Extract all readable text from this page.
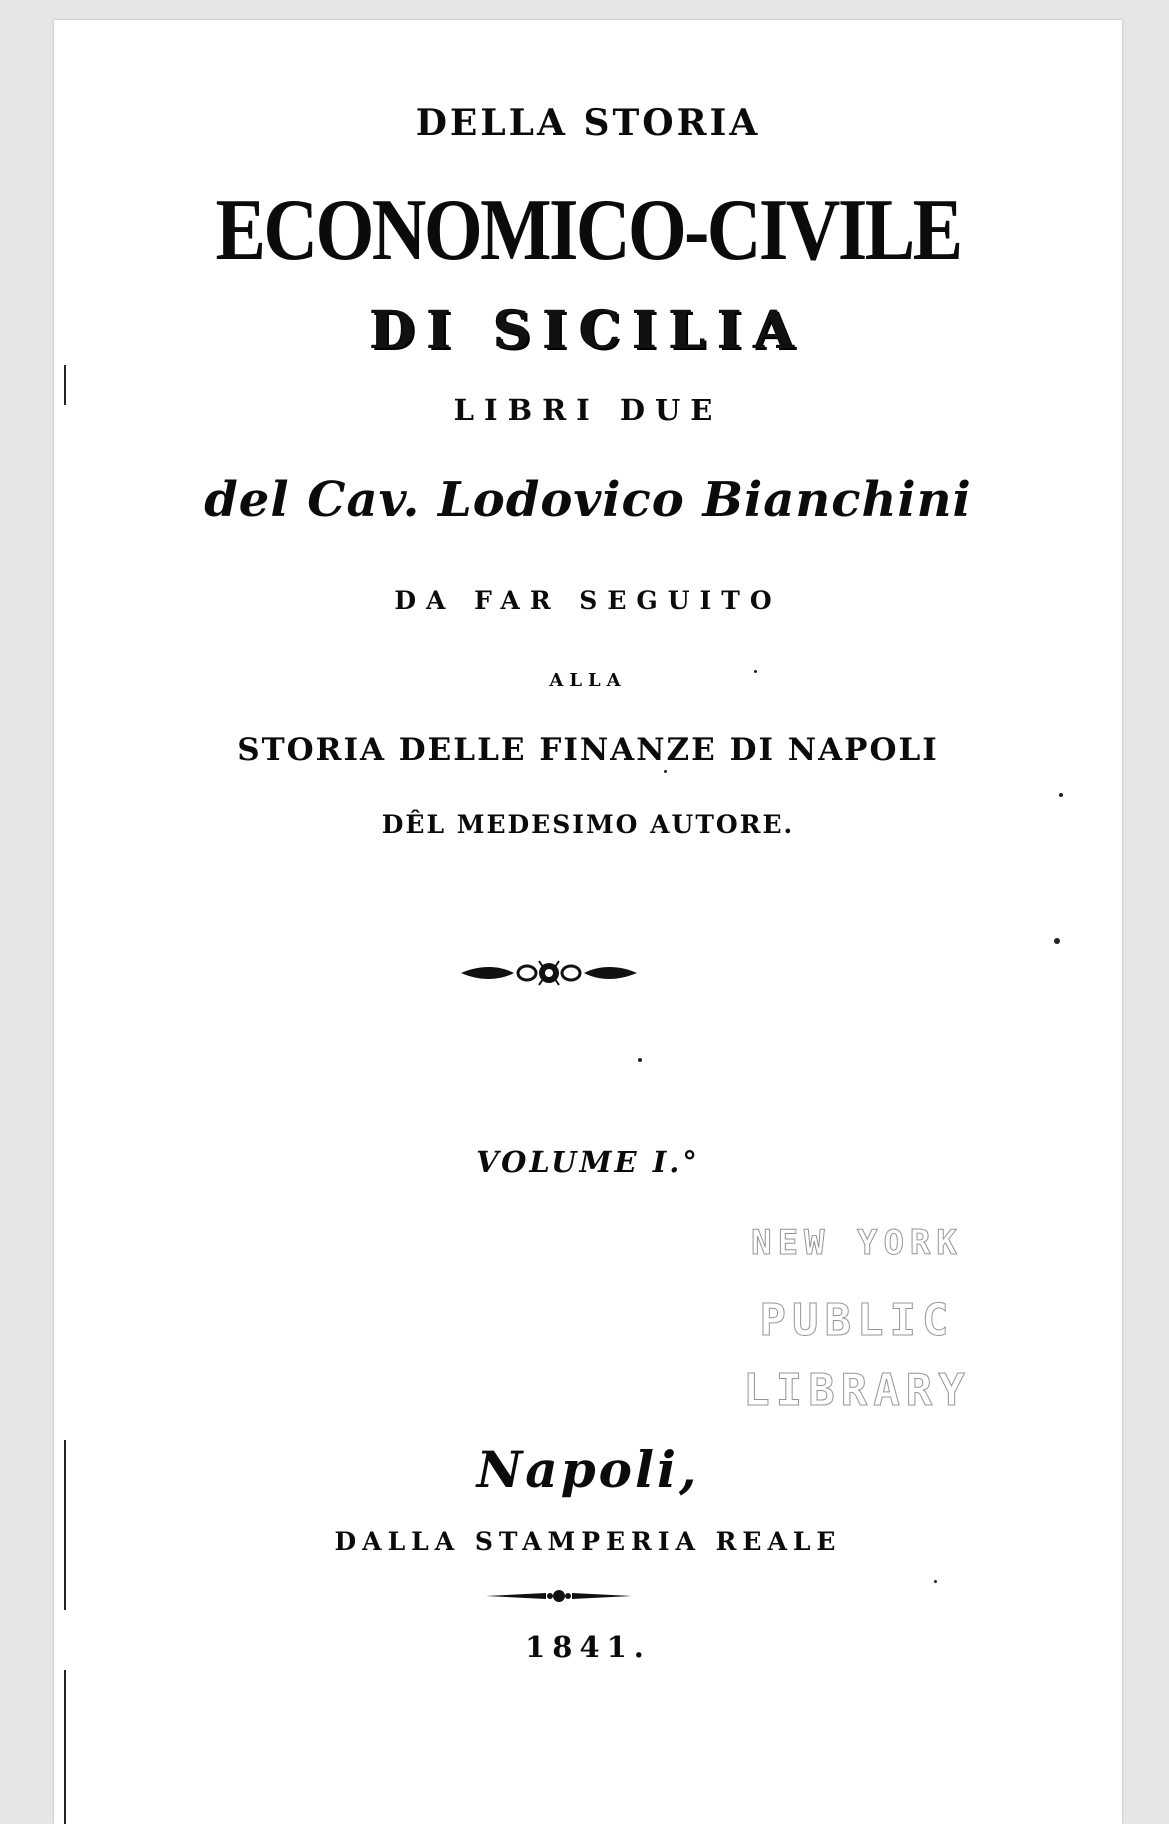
DELLA STORIA
ECONOMICO-CIVILE
DI SICILIA
LIBRI DUE
del Cav. Lodovico Bianchini
DA FAR SEGUITO
ALLA
STORIA DELLE FINANZE DI NAPOLI
DÊL MEDESIMO AUTORE.
VOLUME I.°
NEW YORK
PUBLIC
LIBRARY
Napoli,
DALLA STAMPERIA REALE
1841.
